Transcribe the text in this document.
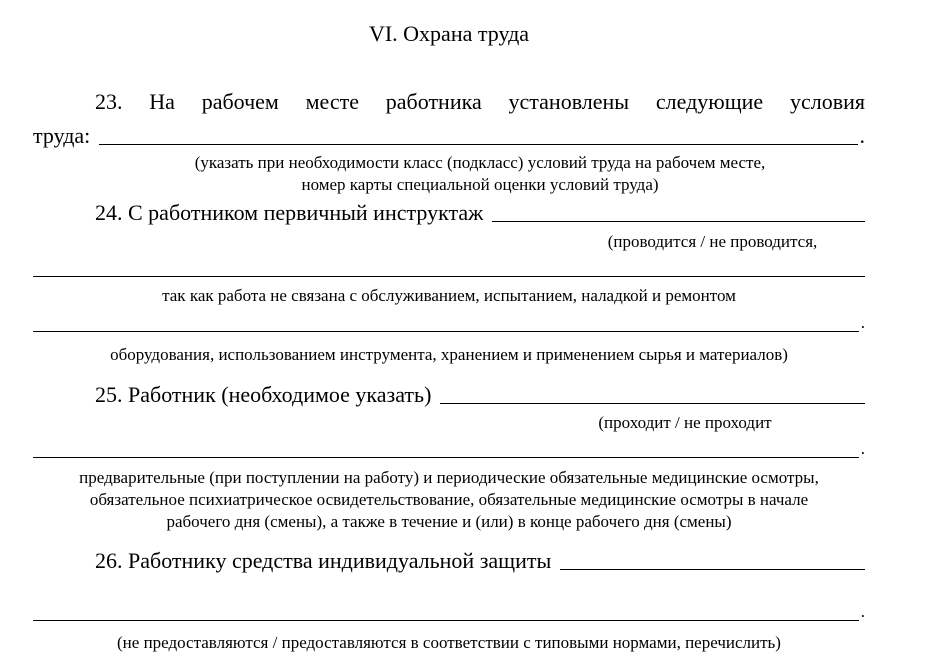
VI. Охрана труда
23. На рабочем месте работника установлены следующие условия
труда:	.
(указать при необходимости класс (подкласс) условий труда на рабочем месте,
номер карты специальной оценки условий труда)
24. С работником первичный инструктаж
(проводится / не проводится,
так как работа не связана с обслуживанием, испытанием, наладкой и ремонтом
.
оборудования, использованием инструмента, хранением и применением сырья и материалов)
25. Работник (необходимое указать)
(проходит / не проходит
.
предварительные (при поступлении на работу) и периодические обязательные медицинские осмотры,
обязательное психиатрическое освидетельствование, обязательные медицинские осмотры в начале
рабочего дня (смены), а также в течение и (или) в конце рабочего дня (смены)
26. Работнику средства индивидуальной защиты
.
(не предоставляются / предоставляются в соответствии с типовыми нормами, перечислить)
